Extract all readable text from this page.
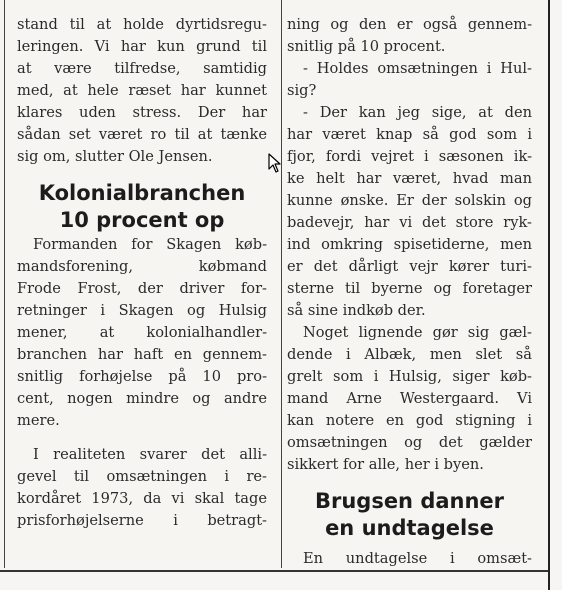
stand til at holde dyrtidsregu-
leringen. Vi har kun grund til
at være tilfredse, samtidig
med, at hele ræset har kunnet
klares uden stress. Der har
sådan set været ro til at tænke
sig om, slutter Ole Jensen.
Kolonialbranchen
10 procent op
Formanden for Skagen køb-
mandsforening, købmand
Frode Frost, der driver for-
retninger i Skagen og Hulsig
mener, at kolonialhandler-
branchen har haft en gennem-
snitlig forhøjelse på 10 pro-
cent, nogen mindre og andre
mere.
I realiteten svarer det alli-
gevel til omsætningen i re-
kordåret 1973, da vi skal tage
prisforhøjelserne i betragt-
ning og den er også gennem-
snitlig på 10 procent.
- Holdes omsætningen i Hul-
sig?
- Der kan jeg sige, at den
har været knap så god som i
fjor, fordi vejret i sæsonen ik-
ke helt har været, hvad man
kunne ønske. Er der solskin og
badevejr, har vi det store ryk-
ind omkring spisetiderne, men
er det dårligt vejr kører turi-
sterne til byerne og foretager
så sine indkøb der.
Noget lignende gør sig gæl-
dende i Albæk, men slet så
grelt som i Hulsig, siger køb-
mand Arne Westergaard. Vi
kan notere en god stigning i
omsætningen og det gælder
sikkert for alle, her i byen.
Brugsen danner
en undtagelse
En undtagelse i omsæt-
